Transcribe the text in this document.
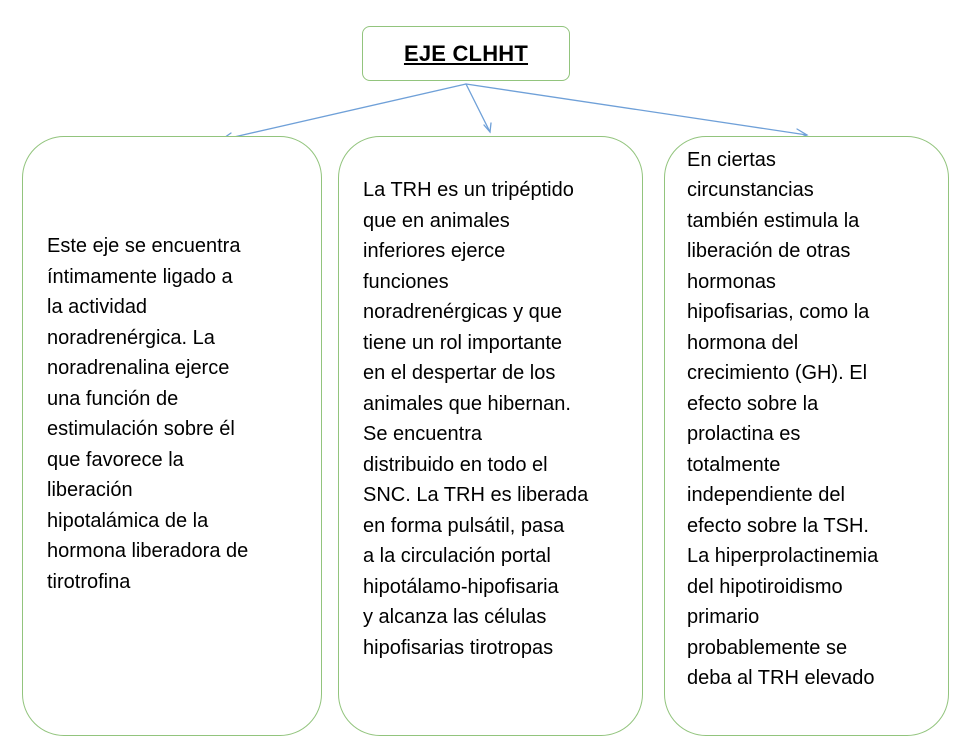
EJE CLHHT

Este eje se encuentra
íntimamente ligado a
la actividad
noradrenérgica. La
noradrenalina ejerce
una función de
estimulación sobre él
que favorece la
liberación
hipotalámica de la
hormona liberadora de
tirotrofina

La TRH es un tripéptido
que en animales
inferiores ejerce
funciones
noradrenérgicas y que
tiene un rol importante
en el despertar de los
animales que hibernan.
Se encuentra
distribuido en todo el
SNC. La TRH es liberada
en forma pulsátil, pasa
a la circulación portal
hipotálamo-hipofisaria
y alcanza las células
hipofisarias tirotropas

En ciertas
circunstancias
también estimula la
liberación de otras
hormonas
hipofisarias, como la
hormona del
crecimiento (GH). El
efecto sobre la
prolactina es
totalmente
independiente del
efecto sobre la TSH.
La hiperprolactinemia
del hipotiroidismo
primario
probablemente se
deba al TRH elevado
